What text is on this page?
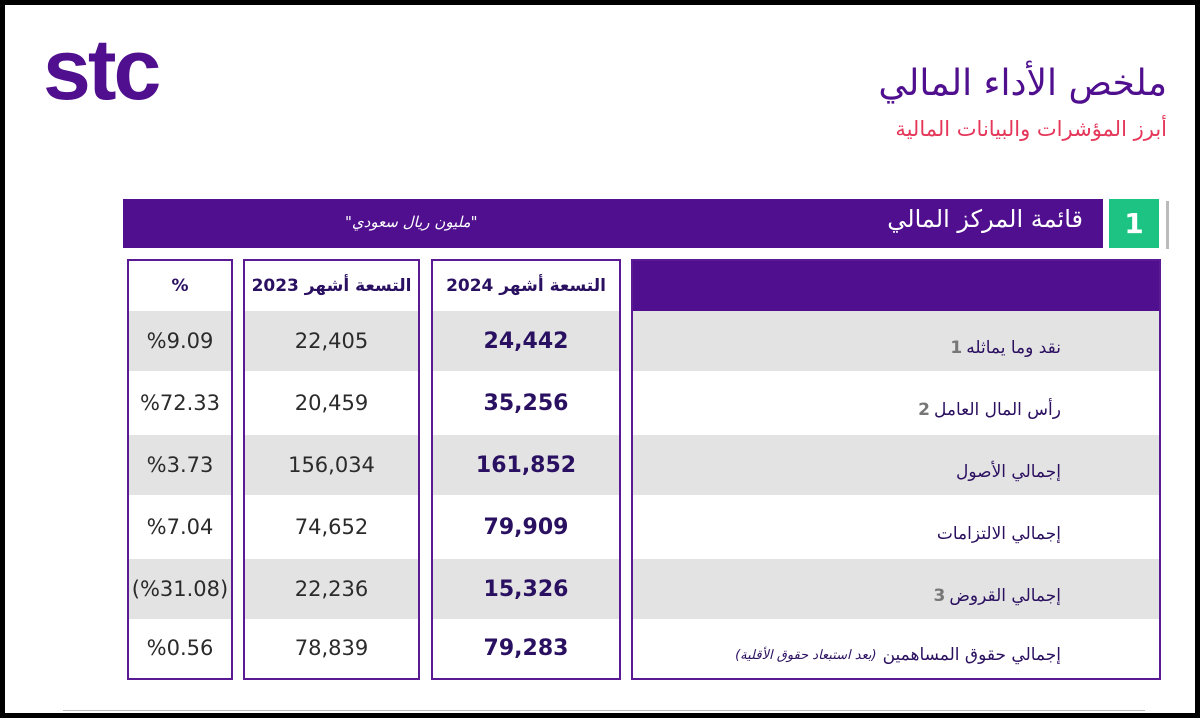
stc	ملخص الأداء المالي
أبرز المؤشرات والبيانات المالية
قائمة المركز المالي
"مليون ريال سعودي"	1
%
%9.09
%72.33
%3.73
%7.04
(%31.08)
%0.56
التسعة أشهر 2023
22,405
20,459
156,034
74,652
22,236
78,839
التسعة أشهر 2024
24,442
35,256
161,852
79,909
15,326
79,283
نقد وما يماثله
1
رأس المال العامل
2
إجمالي الأصول
إجمالي الالتزامات
إجمالي القروض
3
إجمالي حقوق المساهمين
(بعد استبعاد حقوق الأقلية)
